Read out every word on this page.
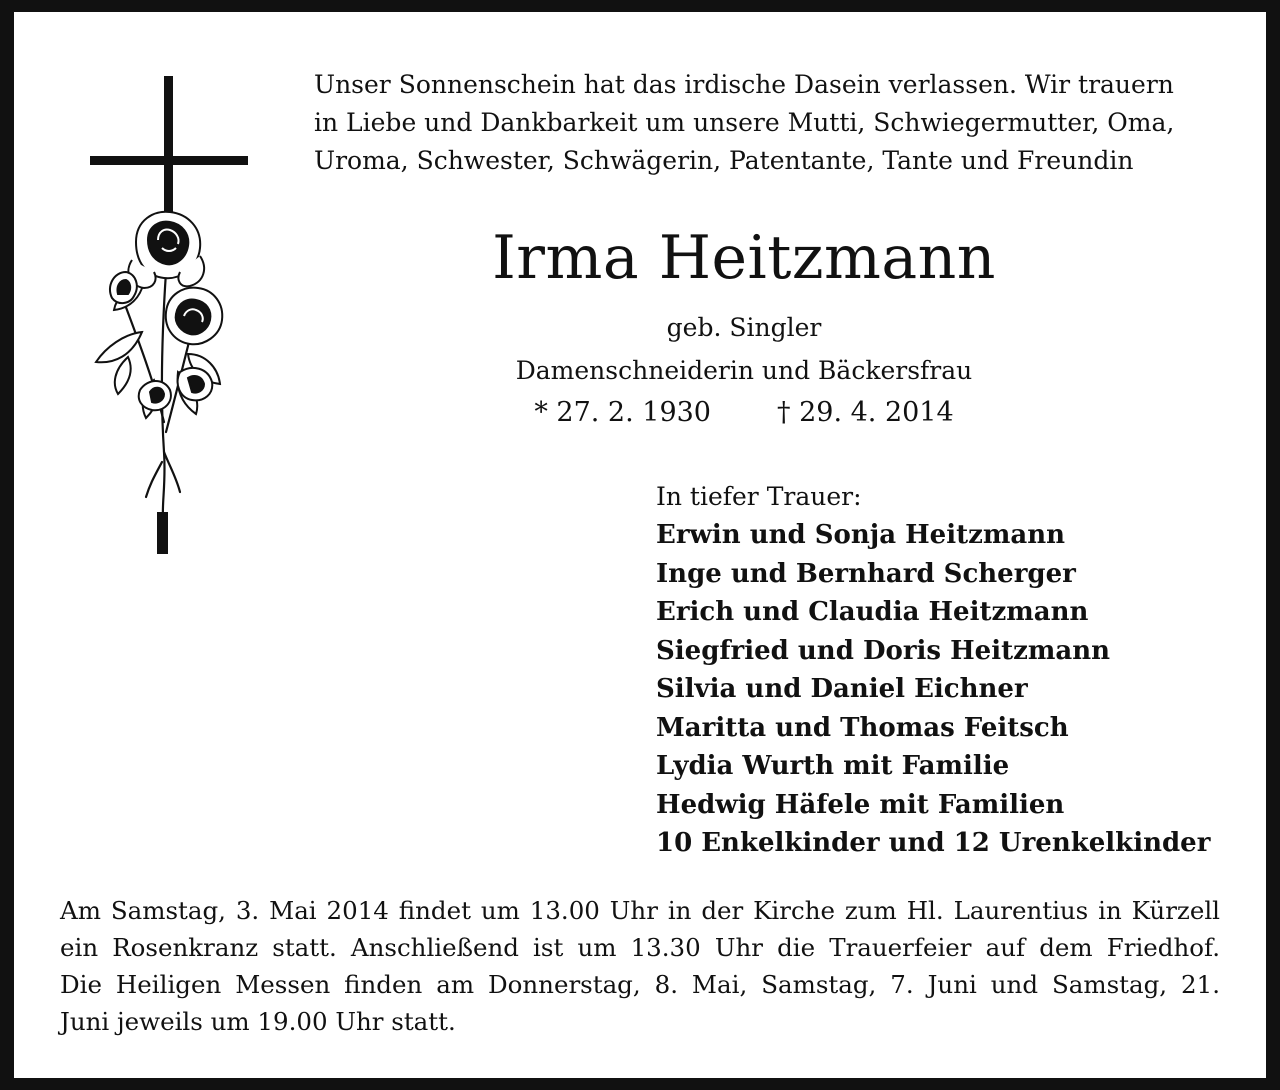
Unser Sonnenschein hat das irdische Dasein verlassen. Wir trauern
in Liebe und Dankbarkeit um unsere Mutti, Schwiegermutter, Oma,
Uroma, Schwester, Schwägerin, Patentante, Tante und Freundin
Irma Heitzmann
geb. Singler
Damenschneiderin und Bäckersfrau
* 27. 2. 1930 † 29. 4. 2014
In tiefer Trauer:
Erwin und Sonja Heitzmann
Inge und Bernhard Scherger
Erich und Claudia Heitzmann
Siegfried und Doris Heitzmann
Silvia und Daniel Eichner
Maritta und Thomas Feitsch
Lydia Wurth mit Familie
Hedwig Häfele mit Familien
10 Enkelkinder und 12 Urenkelkinder
Am Samstag, 3. Mai 2014 findet um 13.00 Uhr in der Kirche zum Hl. Laurentius in Kürzell
ein Rosenkranz statt. Anschließend ist um 13.30 Uhr die Trauerfeier auf dem Friedhof.
Die Heiligen Messen finden am Donnerstag, 8. Mai, Samstag, 7. Juni und Samstag, 21.
Juni jeweils um 19.00 Uhr statt.
